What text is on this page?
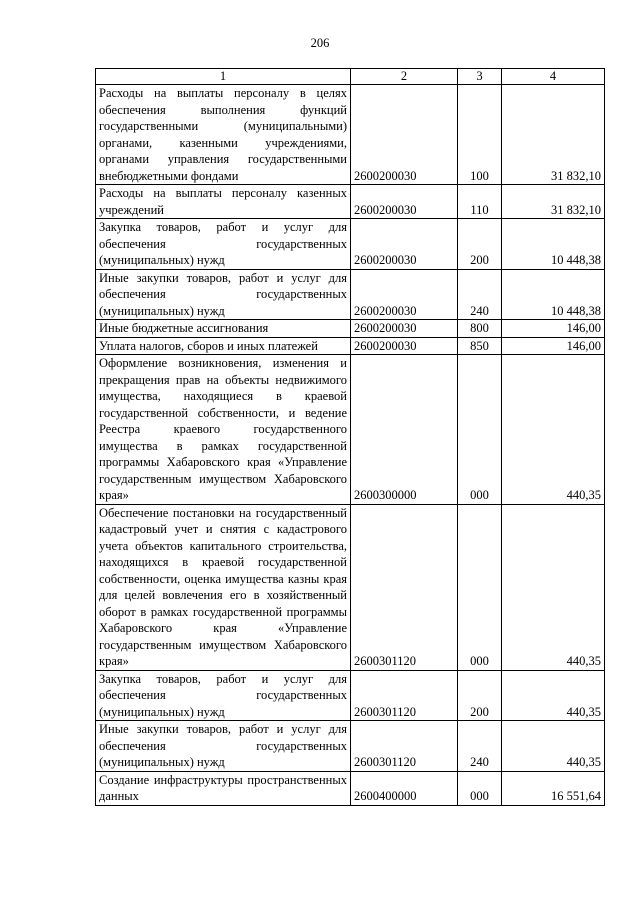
206
1	2	3	4
Расходы на выплаты персоналу в целях обеспечения выполнения функций государственными (муниципальными) органами, казенными учреждениями, органами управления государственными внебюджетными фондами	2600200030	100	31 832,10
Расходы на выплаты персоналу казенных учреждений	2600200030	110	31 832,10
Закупка товаров, работ и услуг для обеспечения государственных (муниципальных) нужд	2600200030	200	10 448,38
Иные закупки товаров, работ и услуг для обеспечения государственных (муниципальных) нужд	2600200030	240	10 448,38
Иные бюджетные ассигнования	2600200030	800	146,00
Уплата налогов, сборов и иных платежей	2600200030	850	146,00
Оформление возникновения, изменения и прекращения прав на объекты недвижимого имущества, находящиеся в краевой государственной собственности, и ведение Реестра краевого государственного имущества в рамках государственной программы Хабаровского края «Управление государственным имуществом Хабаровского края»	2600300000	000	440,35
Обеспечение постановки на государственный кадастровый учет и снятия с кадастрового учета объектов капитального строительства, находящихся в краевой государственной собственности, оценка имущества казны края для целей вовлечения его в хозяйственный оборот в рамках государственной программы Хабаровского края «Управление государственным имуществом Хабаровского края»	2600301120	000	440,35
Закупка товаров, работ и услуг для обеспечения государственных (муниципальных) нужд	2600301120	200	440,35
Иные закупки товаров, работ и услуг для обеспечения государственных (муниципальных) нужд	2600301120	240	440,35
Создание инфраструктуры пространственных данных	2600400000	000	16 551,64
